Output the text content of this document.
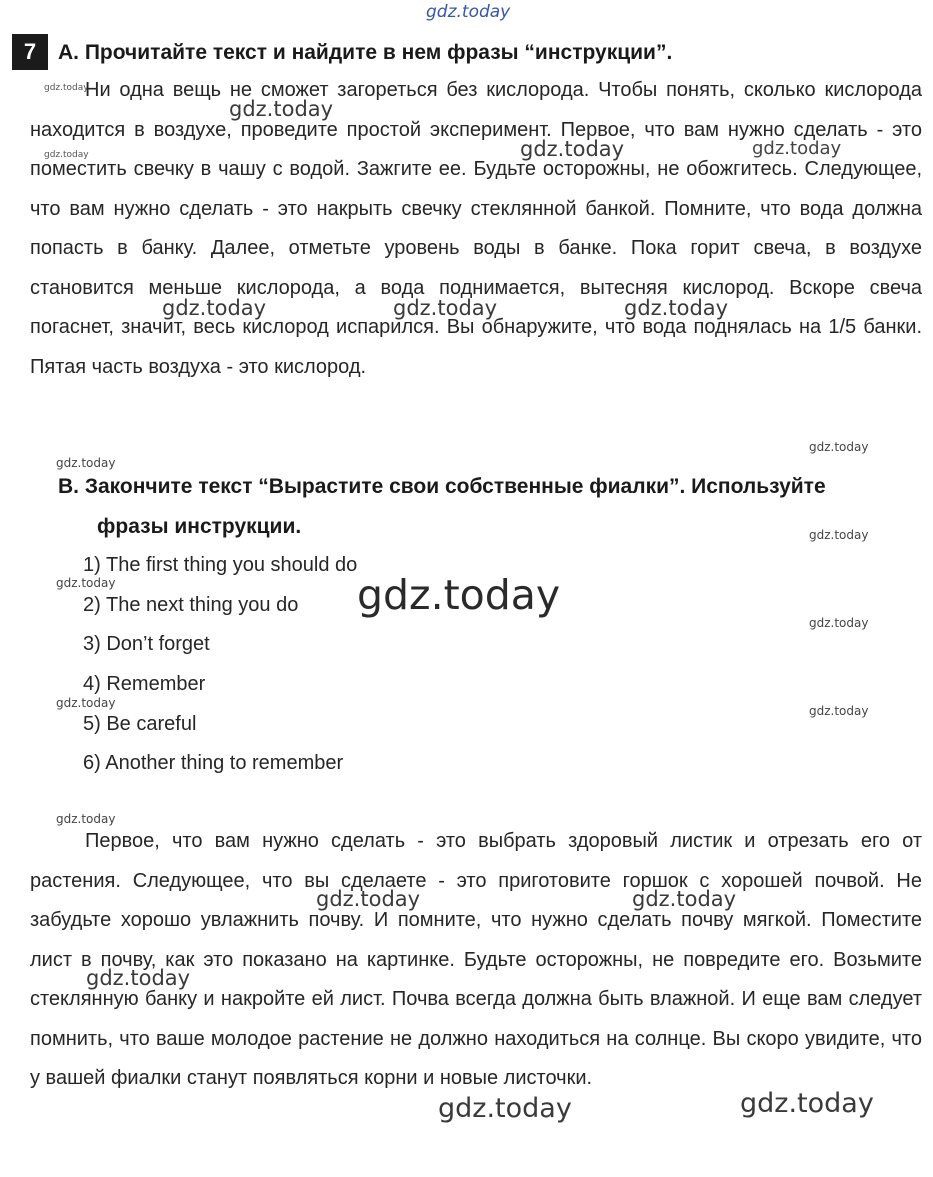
gdz.today
gdz.today
gdz.today
gdz.today	gdz.today	gdz.today
gdz.today	gdz.today	gdz.today
gdz.today
gdz.today
gdz.today
gdz.today	gdz.today
gdz.today
gdz.today
gdz.today
gdz.today
gdz.today	gdz.today
gdz.today
gdz.today	gdz.today
7	A. Прочитайте текст и найдите в нем фразы “инструкции”.

Ни одна вещь не сможет загореться без кислорода. Чтобы понять, сколько кислорода находится в воздухе, проведите простой эксперимент. Первое, что вам нужно сделать - это поместить свечку в чашу с водой. Зажгите ее. Будьте осторожны, не обожгитесь. Следующее, что вам нужно сделать - это накрыть свечку стеклянной банкой. Помните, что вода должна попасть в банку. Далее, отметьте уровень воды в банке. Пока горит свеча, в воздухе становится меньше кислорода, а вода поднимается, вытесняя кислород. Вскоре свеча погаснет, значит, весь кислород испарился. Вы обнаружите, что вода поднялась на 1/5 банки. Пятая часть воздуха - это кислород.

B. Закончите текст “Вырастите свои собственные фиалки”. Используйте
фразы инструкции.
1) The first thing you should do
2) The next thing you do
3) Don’t forget
4) Remember
5) Be careful
6) Another thing to remember

Первое, что вам нужно сделать - это выбрать здоровый листик и отрезать его от растения. Следующее, что вы сделаете - это приготовите горшок с хорошей почвой. Не забудьте хорошо увлажнить почву. И помните, что нужно сделать почву мягкой. Поместите лист в почву, как это показано на картинке. Будьте осторожны, не повредите его. Возьмите стеклянную банку и накройте ей лист. Почва всегда должна быть влажной. И еще вам следует помнить, что ваше молодое растение не должно находиться на солнце. Вы скоро увидите, что у вашей фиалки станут появляться корни и новые листочки.
